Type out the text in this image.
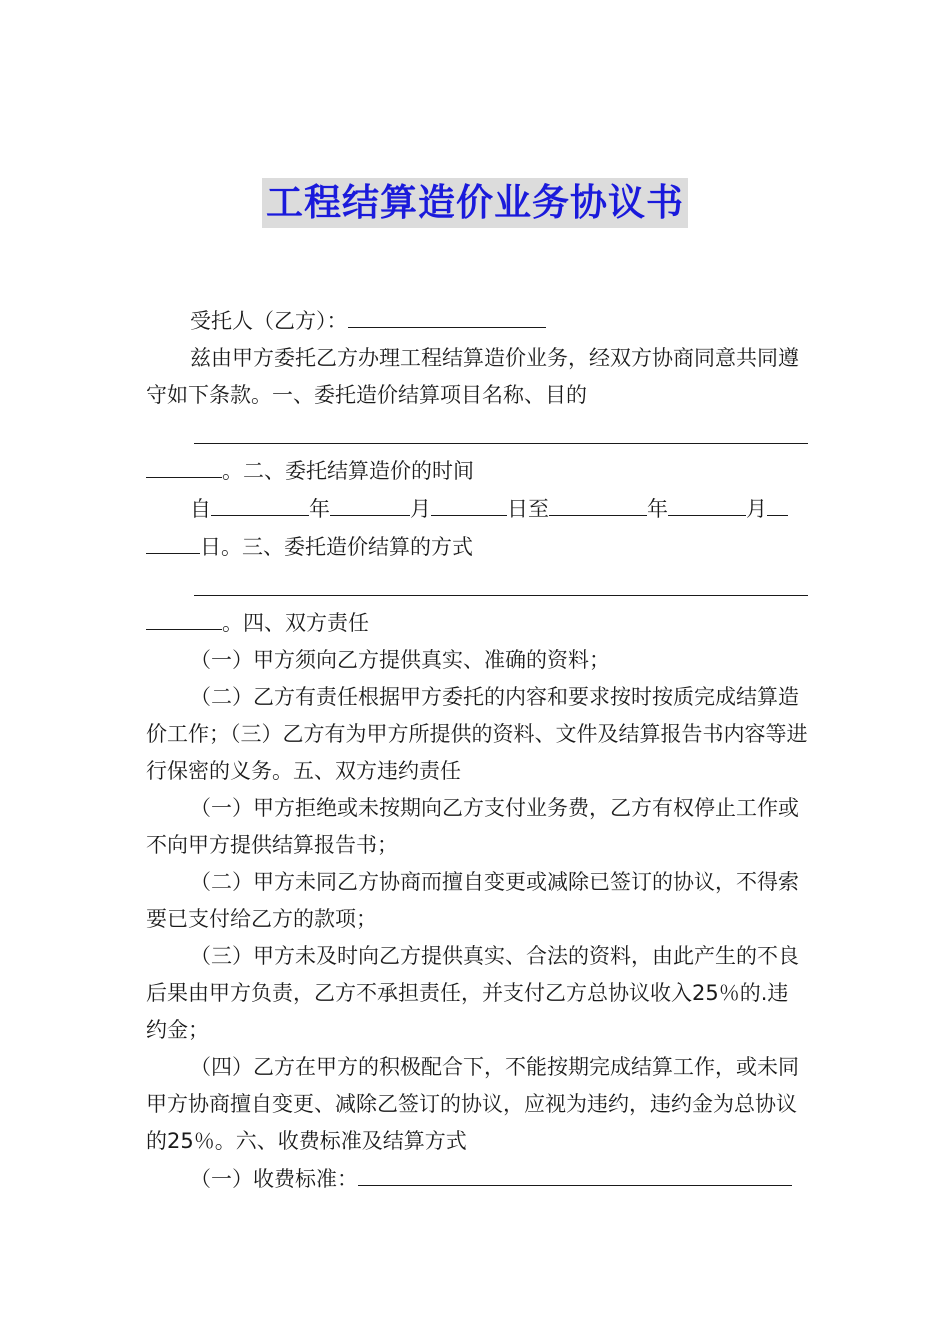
工程结算造价业务协议书

受托人（乙方）：

兹由甲方委托乙方办理工程结算造价业务，经双方协商同意共同遵守如下条款。一、委托造价结算项目名称、目的

。二、委托结算造价的时间

自	年	月	日至	年	月

日。三、委托造价结算的方式

。四、双方责任

（一）甲方须向乙方提供真实、准确的资料；

（二）乙方有责任根据甲方委托的内容和要求按时按质完成结算造价工作；（三）乙方有为甲方所提供的资料、文件及结算报告书内容等进行保密的义务。五、双方违约责任

（一）甲方拒绝或未按期向乙方支付业务费，乙方有权停止工作或不向甲方提供结算报告书；

（二）甲方未同乙方协商而擅自变更或减除已签订的协议，不得索要已支付给乙方的款项；

（三）甲方未及时向乙方提供真实、合法的资料，由此产生的不良后果由甲方负责，乙方不承担责任，并支付乙方总协议收入25％的.违约金；

（四）乙方在甲方的积极配合下，不能按期完成结算工作，或未同甲方协商擅自变更、减除乙签订的协议，应视为违约，违约金为总协议的25％。六、收费标准及结算方式

（一）收费标准：
